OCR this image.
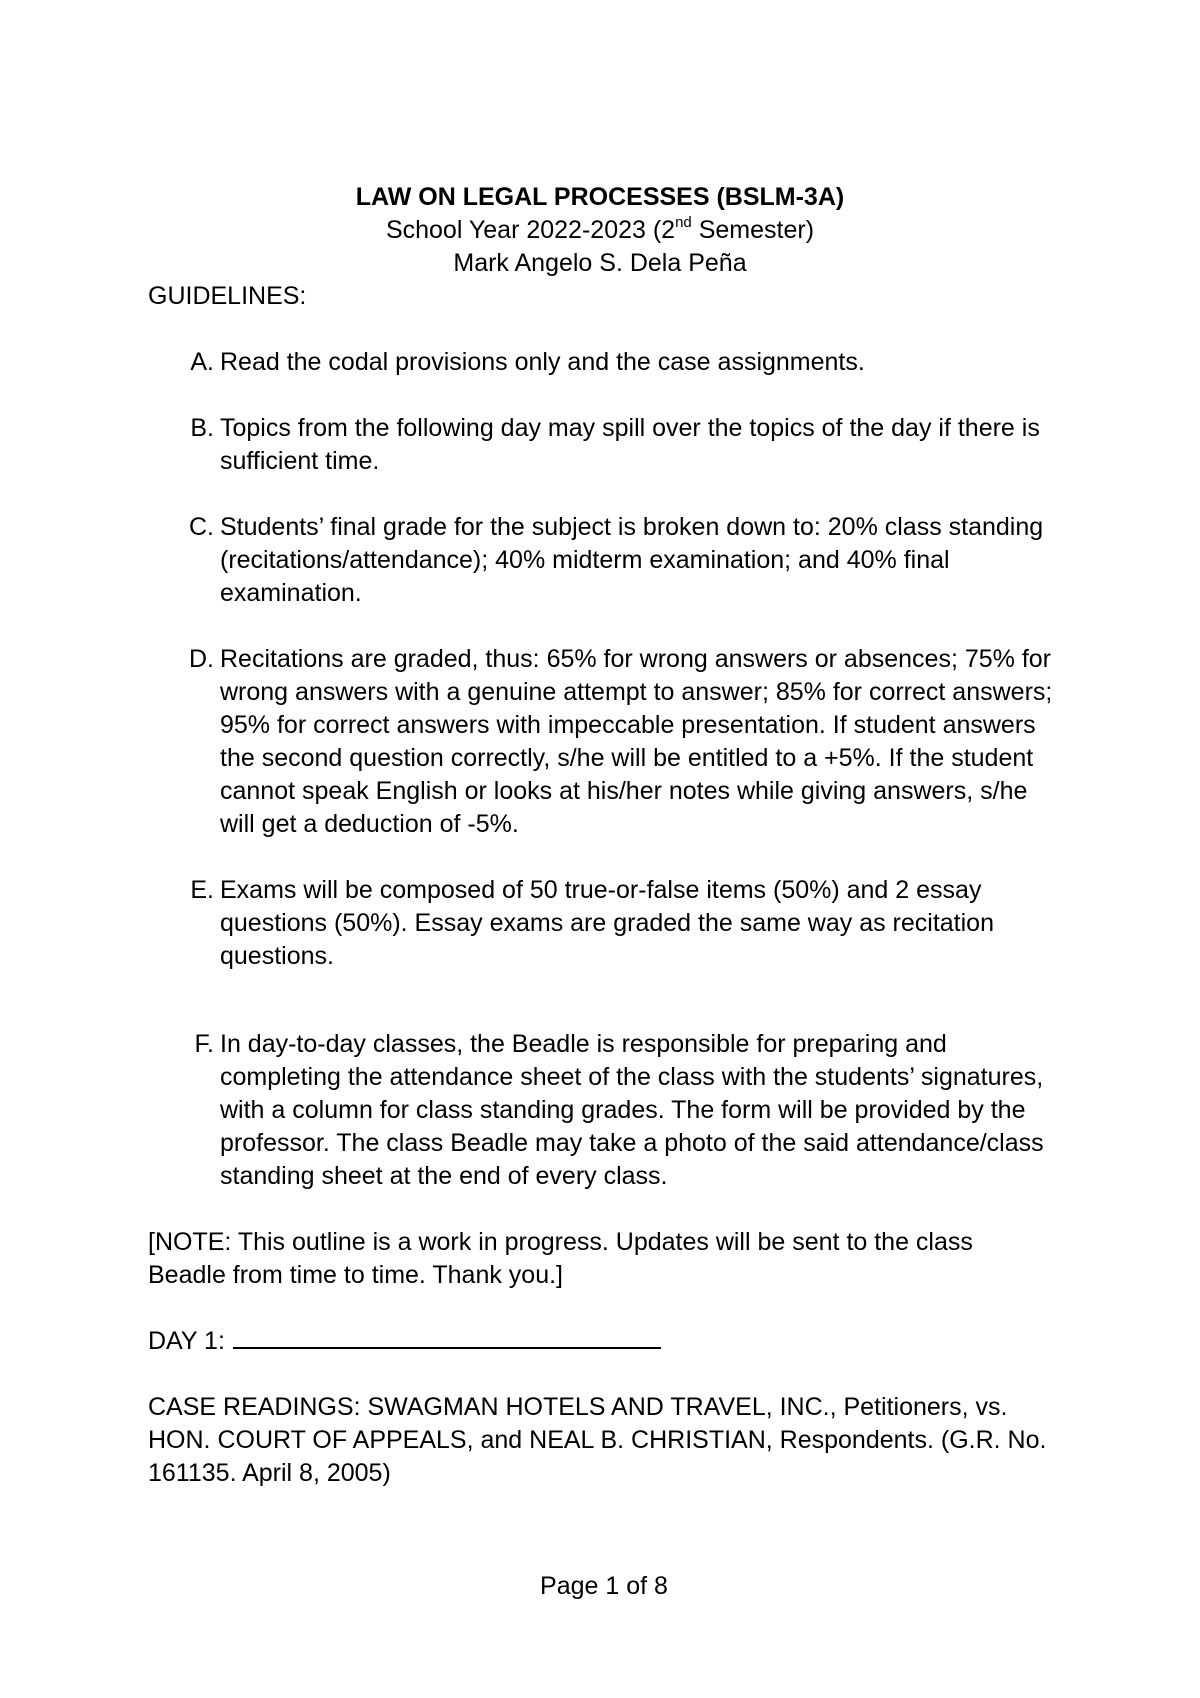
LAW ON LEGAL PROCESSES (BSLM-3A)

School Year 2022-2023 (2nd Semester)

Mark Angelo S. Dela Peña

GUIDELINES:

A. Read the codal provisions only and the case assignments.
B. Topics from the following day may spill over the topics of the day if there is sufficient time.
C. Students’ final grade for the subject is broken down to: 20% class standing (recitations/attendance); 40% midterm examination; and 40% final examination.
D. Recitations are graded, thus: 65% for wrong answers or absences; 75% for wrong answers with a genuine attempt to answer; 85% for correct answers; 95% for correct answers with impeccable presentation. If student answers the second question correctly, s/he will be entitled to a +5%. If the student cannot speak English or looks at his/her notes while giving answers, s/he will get a deduction of -5%.
E. Exams will be composed of 50 true-or-false items (50%) and 2 essay questions (50%). Essay exams are graded the same way as recitation questions.
F. In day-to-day classes, the Beadle is responsible for preparing and completing the attendance sheet of the class with the students’ signatures, with a column for class standing grades. The form will be provided by the professor. The class Beadle may take a photo of the said attendance/class standing sheet at the end of every class.

[NOTE: This outline is a work in progress. Updates will be sent to the class Beadle from time to time. Thank you.]

DAY 1:

CASE READINGS: SWAGMAN HOTELS AND TRAVEL, INC., Petitioners, vs. HON. COURT OF APPEALS, and NEAL B. CHRISTIAN, Respondents. (G.R. No. 161135. April 8, 2005)

Page 1 of 8
